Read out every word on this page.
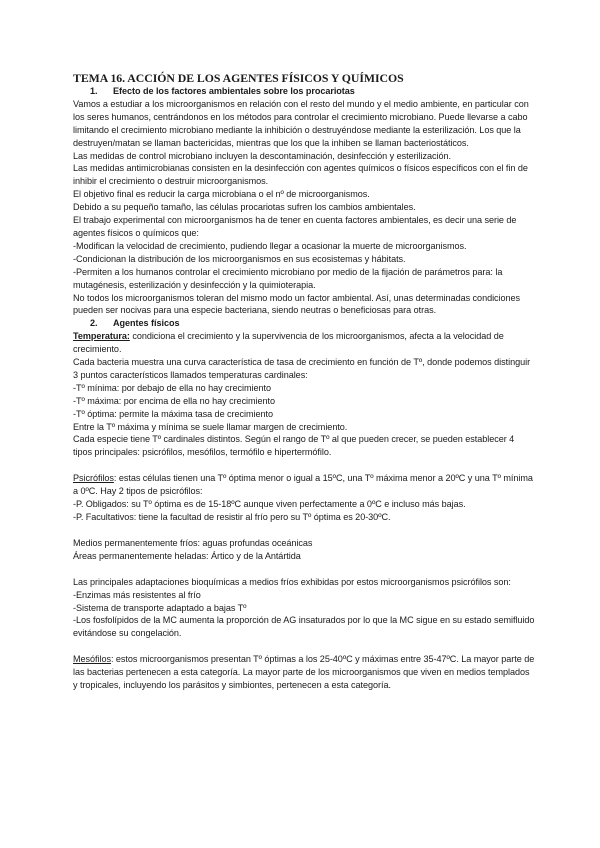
TEMA 16. ACCIÓN DE LOS AGENTES FÍSICOS Y QUÍMICOS

1. Efecto de los factores ambientales sobre los procariotas

Vamos a estudiar a los microorganismos en relación con el resto del mundo y el medio ambiente, en particular con los seres humanos, centrándonos en los métodos para controlar el crecimiento microbiano. Puede llevarse a cabo limitando el crecimiento microbiano mediante la inhibición o destruyéndose mediante la esterilización. Los que la destruyen/matan se llaman bactericidas, mientras que los que la inhiben se llaman bacteriostáticos.

Las medidas de control microbiano incluyen la descontaminación, desinfección y esterilización.

Las medidas antimicrobianas consisten en la desinfección con agentes químicos o físicos específicos con el fin de inhibir el crecimiento o destruir microorganismos.

El objetivo final es reducir la carga microbiana o el nº de microorganismos.

Debido a su pequeño tamaño, las células procariotas sufren los cambios ambientales.

El trabajo experimental con microorganismos ha de tener en cuenta factores ambientales, es decir una serie de agentes físicos o químicos que:

-Modifican la velocidad de crecimiento, pudiendo llegar a ocasionar la muerte de microorganismos.

-Condicionan la distribución de los microorganismos en sus ecosistemas y hábitats.

-Permiten a los humanos controlar el crecimiento microbiano por medio de la fijación de parámetros para: la mutagénesis, esterilización y desinfección y la quimioterapia.

No todos los microorganismos toleran del mismo modo un factor ambiental. Así, unas determinadas condiciones pueden ser nocivas para una especie bacteriana, siendo neutras o beneficiosas para otras.

2. Agentes físicos

Temperatura: condiciona el crecimiento y la supervivencia de los microorganismos, afecta a la velocidad de crecimiento.

Cada bacteria muestra una curva característica de tasa de crecimiento en función de Tº, donde podemos distinguir 3 puntos característicos llamados temperaturas cardinales:

-Tº mínima: por debajo de ella no hay crecimiento

-Tº máxima: por encima de ella no hay crecimiento

-Tº óptima: permite la máxima tasa de crecimiento

Entre la Tº máxima y mínima se suele llamar margen de crecimiento.

Cada especie tiene Tº cardinales distintos. Según el rango de Tº al que pueden crecer, se pueden establecer 4 tipos principales: psicrófilos, mesófilos, termófilo e hipertermófilo.

Psicrófilos: estas células tienen una Tº óptima menor o igual a 15ºC, una Tº máxima menor a 20ºC y una Tº mínima a 0ºC. Hay 2 tipos de psicrófilos:

-P. Obligados: su Tº óptima es de 15-18ºC aunque viven perfectamente a 0ºC e incluso más bajas.

-P. Facultativos: tiene la facultad de resistir al frío pero su Tº óptima es 20-30ºC.

Medios permanentemente fríos: aguas profundas oceánicas

Áreas permanentemente heladas: Ártico y de la Antártida

Las principales adaptaciones bioquímicas a medios fríos exhibidas por estos microorganismos psicrófilos son:

-Enzimas más resistentes al frío

-Sistema de transporte adaptado a bajas Tº

-Los fosfolípidos de la MC aumenta la proporción de AG insaturados por lo que la MC sigue en su estado semifluido evitándose su congelación.

Mesófilos: estos microorganismos presentan Tº óptimas a los 25-40ºC y máximas entre 35-47ºC. La mayor parte de las bacterias pertenecen a esta categoría. La mayor parte de los microorganismos que viven en medios templados y tropicales, incluyendo los parásitos y simbiontes, pertenecen a esta categoría.
